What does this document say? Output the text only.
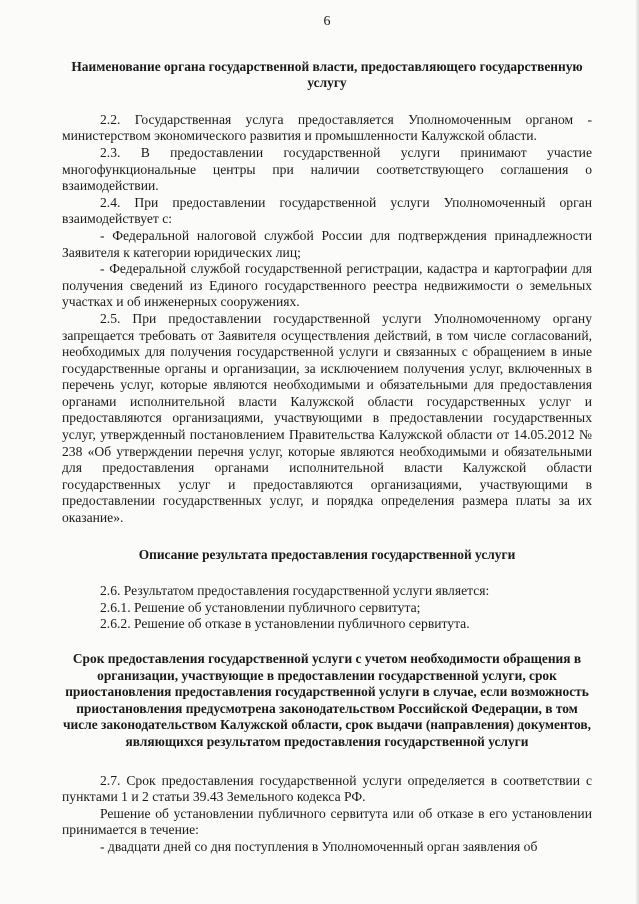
6

Наименование органа государственной власти, предоставляющего государственную услугу

2.2. Государственная услуга предоставляется Уполномоченным органом - министерством экономического развития и промышленности Калужской области.

2.3. В предоставлении государственной услуги принимают участие многофункциональные центры при наличии соответствующего соглашения о взаимодействии.

2.4. При предоставлении государственной услуги Уполномоченный орган взаимодействует с:

- Федеральной налоговой службой России для подтверждения принадлежности Заявителя к категории юридических лиц;

- Федеральной службой государственной регистрации, кадастра и картографии для получения сведений из Единого государственного реестра недвижимости о земельных участках и об инженерных сооружениях.

2.5. При предоставлении государственной услуги Уполномоченному органу запрещается требовать от Заявителя осуществления действий, в том числе согласований, необходимых для получения государственной услуги и связанных с обращением в иные государственные органы и организации, за исключением получения услуг, включенных в перечень услуг, которые являются необходимыми и обязательными для предоставления органами исполнительной власти Калужской области государственных услуг и предоставляются организациями, участвующими в предоставлении государственных услуг, утвержденный постановлением Правительства Калужской области от 14.05.2012 № 238 «Об утверждении перечня услуг, которые являются необходимыми и обязательными для предоставления органами исполнительной власти Калужской области государственных услуг и предоставляются организациями, участвующими в предоставлении государственных услуг, и порядка определения размера платы за их оказание».

Описание результата предоставления государственной услуги

2.6. Результатом предоставления государственной услуги является:

2.6.1. Решение об установлении публичного сервитута;

2.6.2. Решение об отказе в установлении публичного сервитута.

Срок предоставления государственной услуги с учетом необходимости обращения в организации, участвующие в предоставлении государственной услуги, срок приостановления предоставления государственной услуги в случае, если возможность приостановления предусмотрена законодательством Российской Федерации, в том числе законодательством Калужской области, срок выдачи (направления) документов, являющихся результатом предоставления государственной услуги

2.7. Срок предоставления государственной услуги определяется в соответствии с пунктами 1 и 2 статьи 39.43 Земельного кодекса РФ.

Решение об установлении публичного сервитута или об отказе в его установлении принимается в течение:

- двадцати дней со дня поступления в Уполномоченный орган заявления об
